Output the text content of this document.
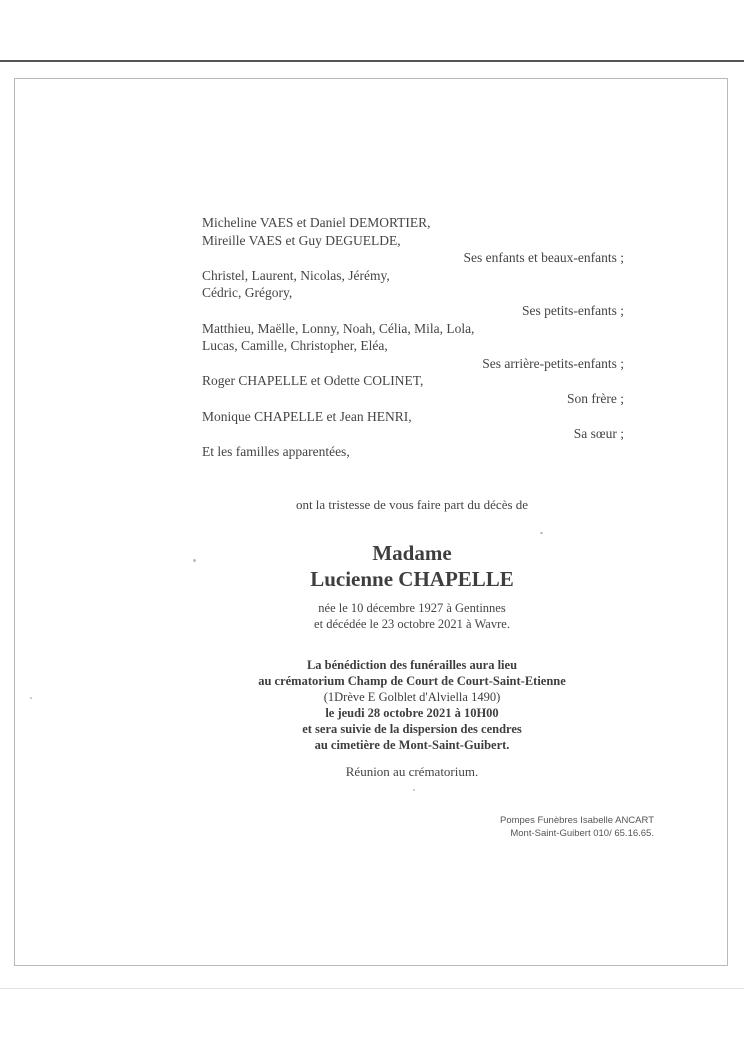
Micheline VAES et Daniel DEMORTIER,
Mireille VAES et Guy DEGUELDE,
Ses enfants et beaux-enfants ;
Christel, Laurent, Nicolas, Jérémy,
Cédric, Grégory,
Ses petits-enfants ;
Matthieu, Maëlle, Lonny, Noah, Célia, Mila, Lola,
Lucas, Camille, Christopher, Eléa,
Ses arrière-petits-enfants ;
Roger CHAPELLE et Odette COLINET,
Son frère ;
Monique CHAPELLE et Jean HENRI,
Sa sœur ;
Et les familles apparentées,
ont la tristesse de vous faire part du décès de
Madame
Lucienne CHAPELLE
née le 10 décembre 1927 à Gentinnes
et décédée le 23 octobre 2021 à Wavre.
La bénédiction des funérailles aura lieu
au crématorium Champ de Court de Court-Saint-Etienne
(1Drève E Golblet d'Alviella 1490)
le jeudi 28 octobre 2021 à 10H00
et sera suivie de la dispersion des cendres
au cimetière de Mont-Saint-Guibert.
Réunion au crématorium.
Pompes Funèbres Isabelle ANCART
Mont-Saint-Guibert 010/ 65.16.65.
